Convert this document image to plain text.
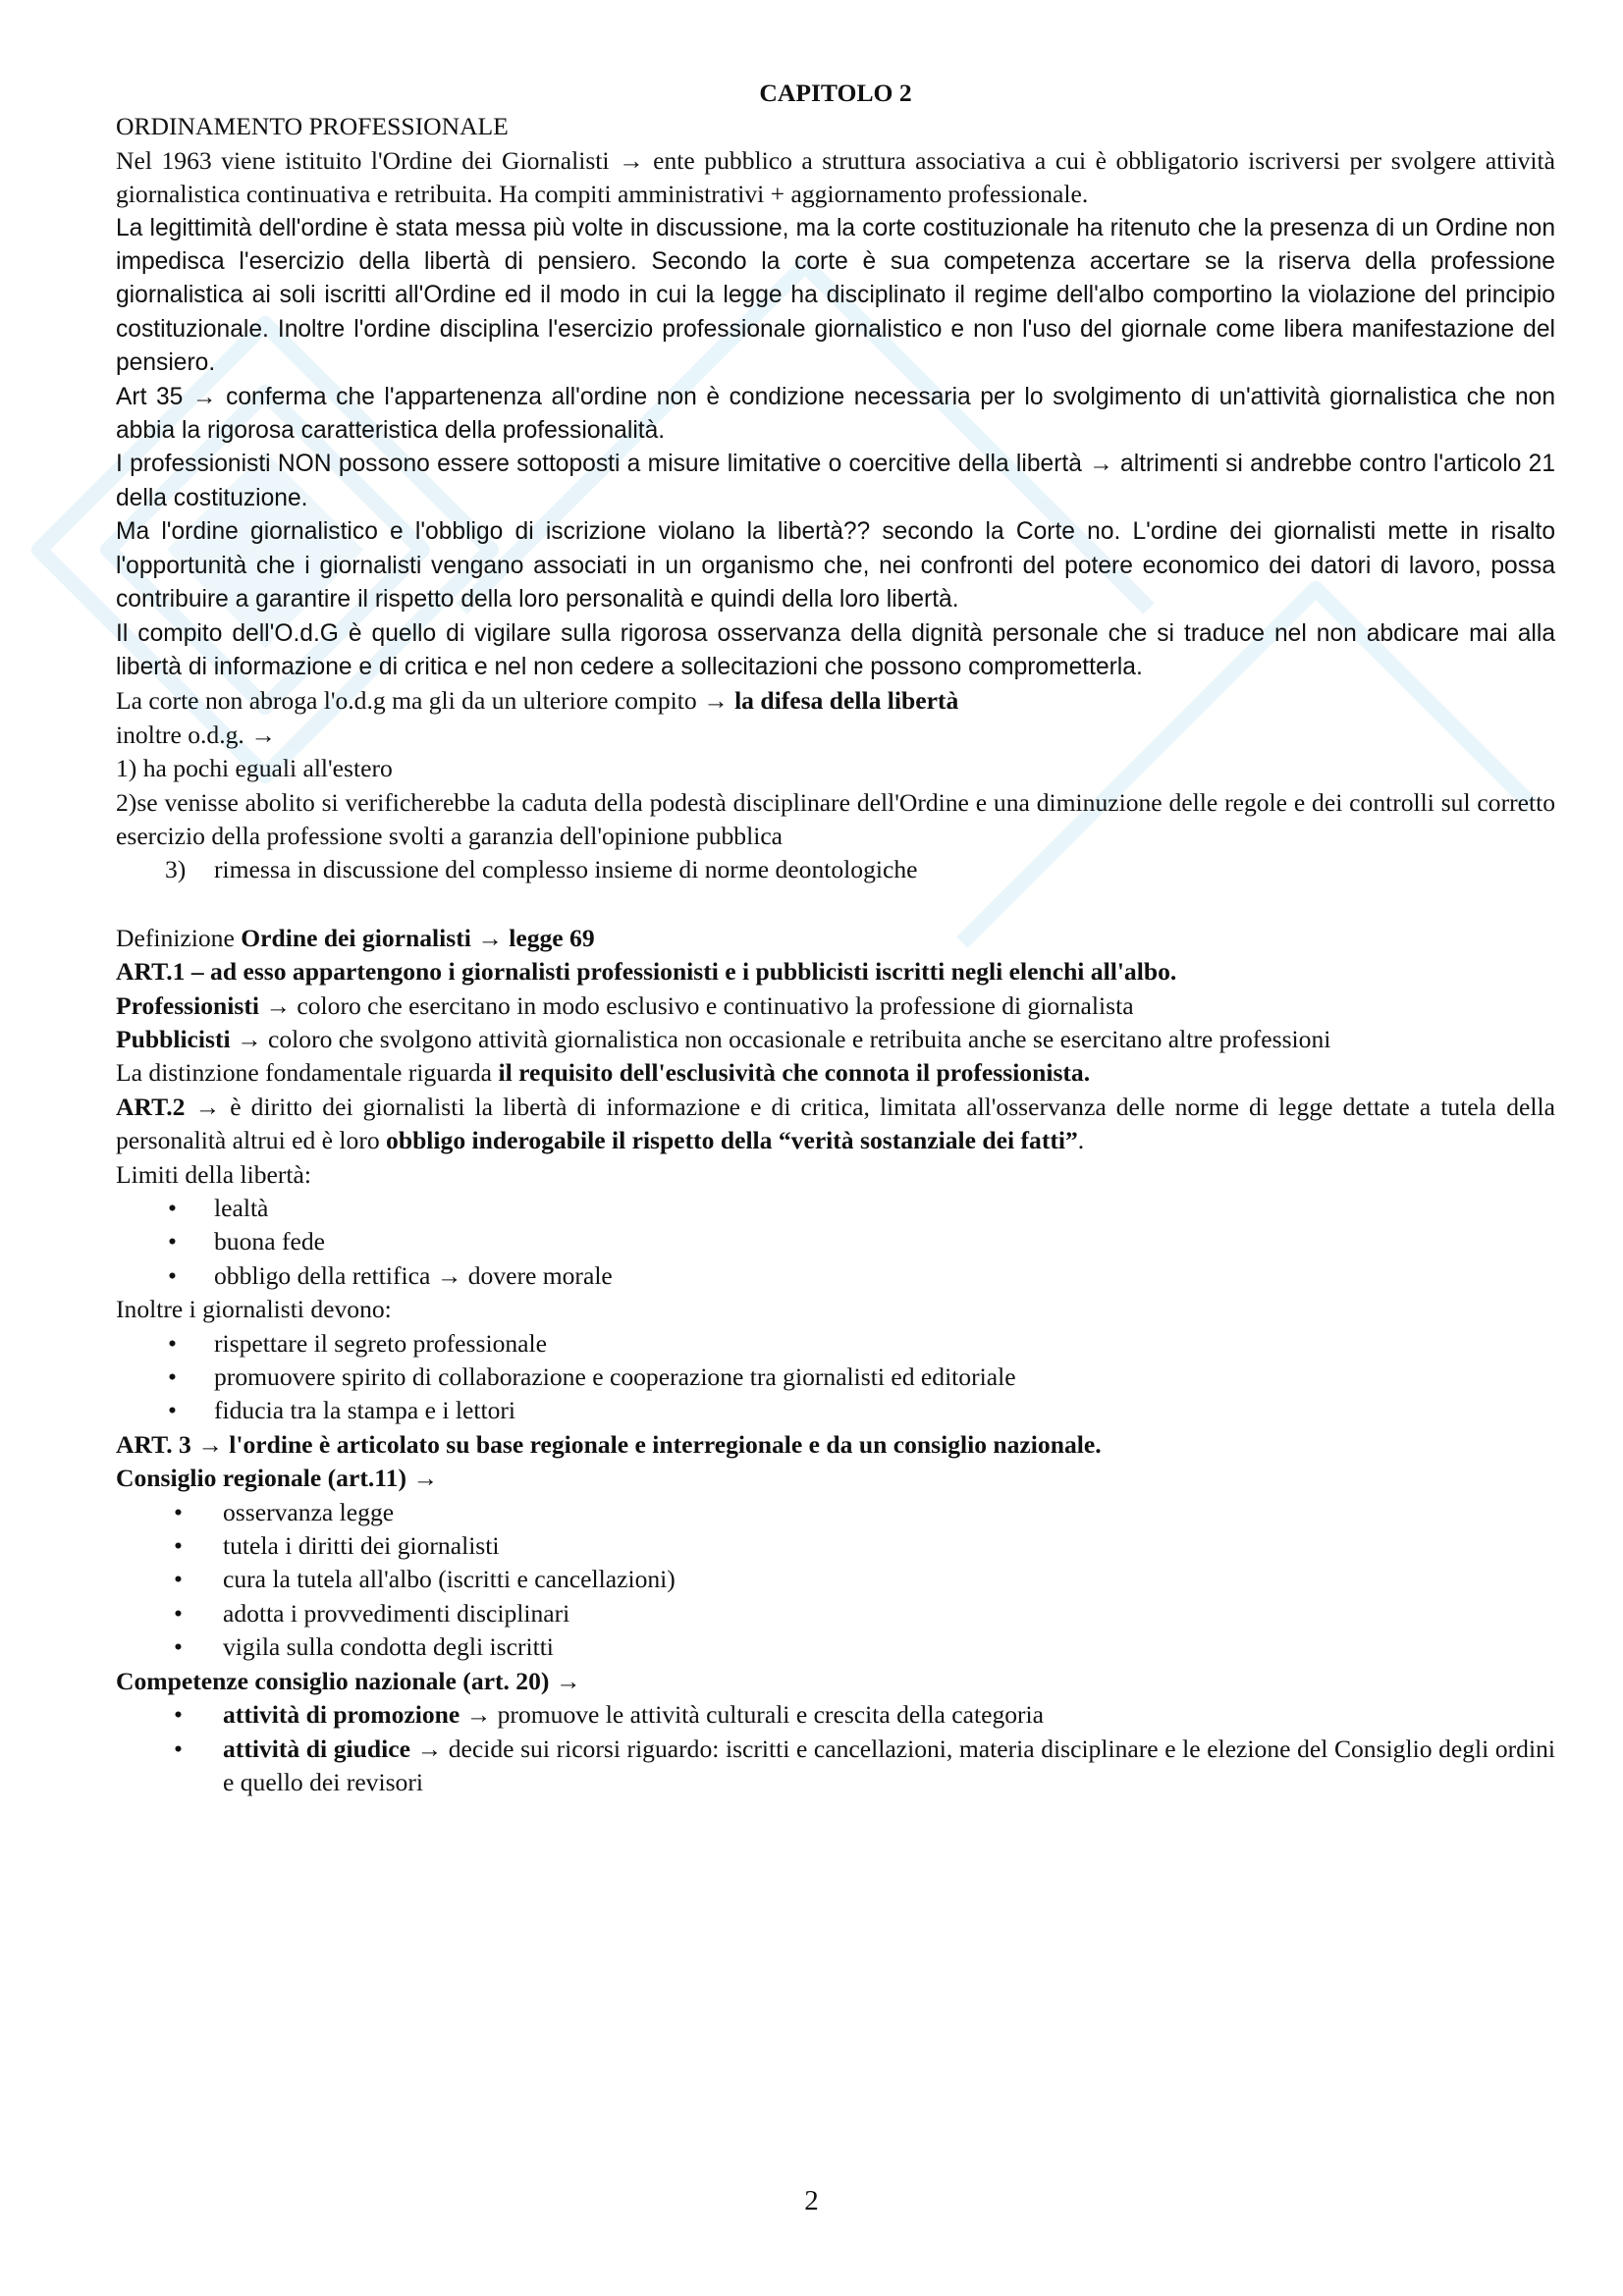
CAPITOLO 2

ORDINAMENTO PROFESSIONALE

Nel 1963 viene istituito l'Ordine dei Giornalisti → ente pubblico a struttura associativa a cui è obbligatorio iscriversi per svolgere attività giornalistica continuativa e retribuita. Ha compiti amministrativi + aggiornamento professionale.

La legittimità dell'ordine è stata messa più volte in discussione, ma la corte costituzionale ha ritenuto che la presenza di un Ordine non impedisca l'esercizio della libertà di pensiero. Secondo la corte è sua competenza accertare se la riserva della professione giornalistica ai soli iscritti all'Ordine ed il modo in cui la legge ha disciplinato il regime dell'albo comportino la violazione del principio costituzionale. Inoltre l'ordine disciplina l'esercizio professionale giornalistico e non l'uso del giornale come libera manifestazione del pensiero.

Art 35 → conferma che l'appartenenza all'ordine non è condizione necessaria per lo svolgimento di un'attività giornalistica che non abbia la rigorosa caratteristica della professionalità.

I professionisti NON possono essere sottoposti a misure limitative o coercitive della libertà → altrimenti si andrebbe contro l'articolo 21 della costituzione.

Ma l'ordine giornalistico e l'obbligo di iscrizione violano la libertà?? secondo la Corte no. L'ordine dei giornalisti mette in risalto l'opportunità che i giornalisti vengano associati in un organismo che, nei confronti del potere economico dei datori di lavoro, possa contribuire a garantire il rispetto della loro personalità e quindi della loro libertà.

Il compito dell'O.d.G è quello di vigilare sulla rigorosa osservanza della dignità personale che si traduce nel non abdicare mai alla libertà di informazione e di critica e nel non cedere a sollecitazioni che possono comprometterla.

La corte non abroga l'o.d.g ma gli da un ulteriore compito → la difesa della libertà

inoltre o.d.g. →

1) ha pochi eguali all'estero

2)se venisse abolito si verificherebbe la caduta della podestà disciplinare dell'Ordine e una diminuzione delle regole e dei controlli sul corretto esercizio della professione svolti a garanzia dell'opinione pubblica

3) rimessa in discussione del complesso insieme di norme deontologiche

Definizione Ordine dei giornalisti → legge 69

ART.1 – ad esso appartengono i giornalisti professionisti e i pubblicisti iscritti negli elenchi all'albo.

Professionisti → coloro che esercitano in modo esclusivo e continuativo la professione di giornalista

Pubblicisti → coloro che svolgono attività giornalistica non occasionale e retribuita anche se esercitano altre professioni

La distinzione fondamentale riguarda il requisito dell'esclusività che connota il professionista.

ART.2 → è diritto dei giornalisti la libertà di informazione e di critica, limitata all'osservanza delle norme di legge dettate a tutela della personalità altrui ed è loro obbligo inderogabile il rispetto della “verità sostanziale dei fatti”.

Limiti della libertà:

• lealtà
• buona fede
• obbligo della rettifica → dovere morale

Inoltre i giornalisti devono:

• rispettare il segreto professionale
• promuovere spirito di collaborazione e cooperazione tra giornalisti ed editoriale
• fiducia tra la stampa e i lettori

ART. 3 → l'ordine è articolato su base regionale e interregionale e da un consiglio nazionale.

Consiglio regionale (art.11) →

• osservanza legge
• tutela i diritti dei giornalisti
• cura la tutela all'albo (iscritti e cancellazioni)
• adotta i provvedimenti disciplinari
• vigila sulla condotta degli iscritti

Competenze consiglio nazionale (art. 20) →

• attività di promozione → promuove le attività culturali e crescita della categoria
• attività di giudice → decide sui ricorsi riguardo: iscritti e cancellazioni, materia disciplinare e le elezione del Consiglio degli ordini e quello dei revisori
2
